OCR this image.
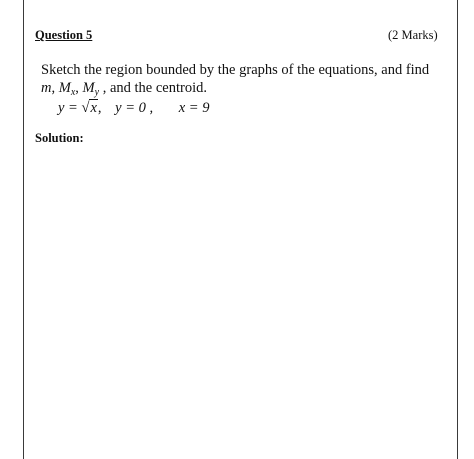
Question 5	(2 Marks)
Sketch the region bounded by the graphs of the equations, and find
m, $M_x$, $M_y$ , and the centroid.
y = √x, y = 0 , x = 9
Solution:
